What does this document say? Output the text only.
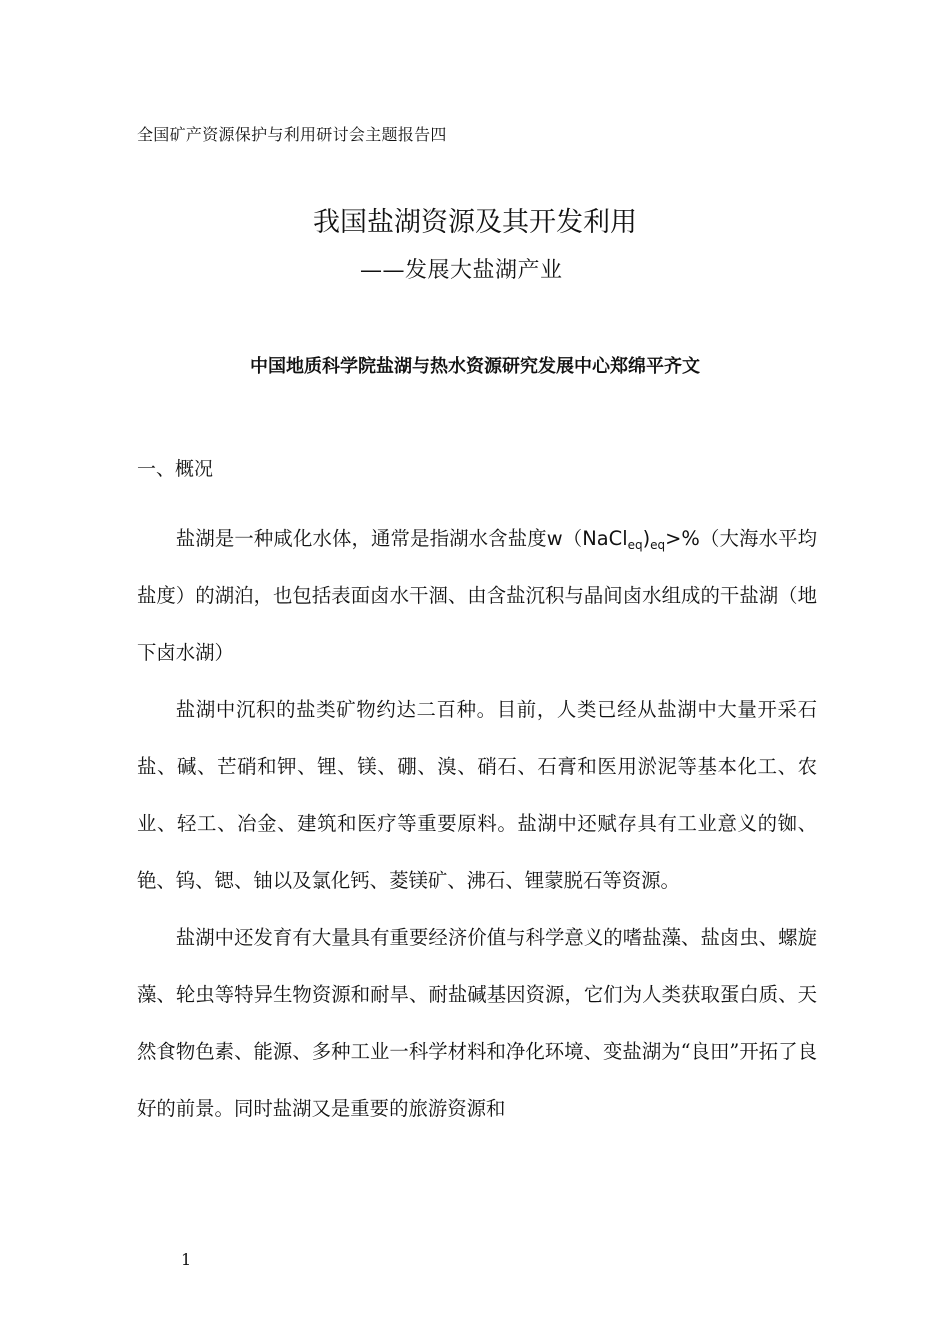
全国矿产资源保护与利用研讨会主题报告四
我国盐湖资源及其开发利用
——发展大盐湖产业
中国地质科学院盐湖与热水资源研究发展中心郑绵平齐文
一、概况

盐湖是一种咸化水体，通常是指湖水含盐度$w(NaCl_{eq})_{eq}>\%$（大海水平均盐度）的湖泊，也包括表面卤水干涸、由含盐沉积与晶间卤水组成的干盐湖（地下卤水湖）

盐湖中沉积的盐类矿物约达二百种。目前，人类已经从盐湖中大量开采石盐、碱、芒硝和钾、锂、镁、硼、溴、硝石、石膏和医用淤泥等基本化工、农业、轻工、冶金、建筑和医疗等重要原料。盐湖中还赋存具有工业意义的铷、铯、钨、锶、铀以及氯化钙、菱镁矿、沸石、锂蒙脱石等资源。

盐湖中还发育有大量具有重要经济价值与科学意义的嗜盐藻、盐卤虫、螺旋藻、轮虫等特异生物资源和耐旱、耐盐碱基因资源，它们为人类获取蛋白质、天然食物色素、能源、多种工业一科学材料和净化环境、变盐湖为“良田”开拓了良好的前景。同时盐湖又是重要的旅游资源和

1
